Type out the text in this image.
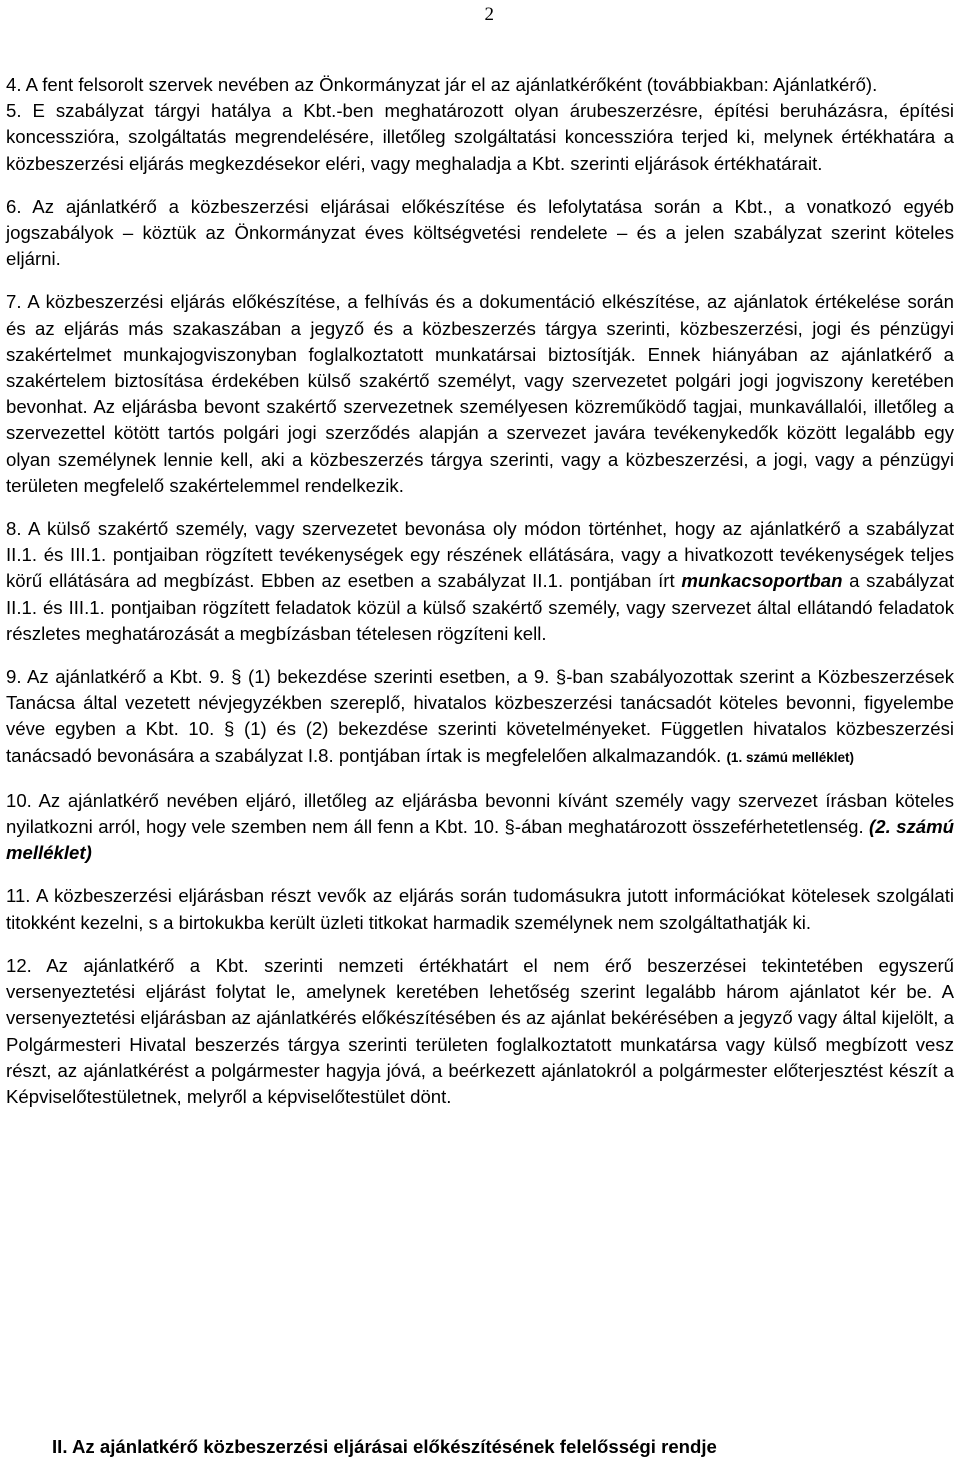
2

4. A fent felsorolt szervek nevében az Önkormányzat jár el az ajánlatkérőként (továbbiakban: Ajánlatkérő).

5. E szabályzat tárgyi hatálya a Kbt.-ben meghatározott olyan árubeszerzésre, építési beruházásra, építési koncesszióra, szolgáltatás megrendelésére, illetőleg szolgáltatási koncesszióra terjed ki, melynek értékhatára a közbeszerzési eljárás megkezdésekor eléri, vagy meghaladja a Kbt. szerinti eljárások értékhatárait.

6. Az ajánlatkérő a közbeszerzési eljárásai előkészítése és lefolytatása során a Kbt., a vonatkozó egyéb jogszabályok – köztük az Önkormányzat éves költségvetési rendelete – és a jelen szabályzat szerint köteles eljárni.

7. A közbeszerzési eljárás előkészítése, a felhívás és a dokumentáció elkészítése, az ajánlatok értékelése során és az eljárás más szakaszában a jegyző és a közbeszerzés tárgya szerinti, közbeszerzési, jogi és pénzügyi szakértelmet munkajogviszonyban foglalkoztatott munkatársai biztosítják. Ennek hiányában az ajánlatkérő a szakértelem biztosítása érdekében külső szakértő személyt, vagy szervezetet polgári jogi jogviszony keretében bevonhat. Az eljárásba bevont szakértő szervezetnek személyesen közreműködő tagjai, munkavállalói, illetőleg a szervezettel kötött tartós polgári jogi szerződés alapján a szervezet javára tevékenykedők között legalább egy olyan személynek lennie kell, aki a közbeszerzés tárgya szerinti, vagy a közbeszerzési, a jogi, vagy a pénzügyi területen megfelelő szakértelemmel rendelkezik.

8. A külső szakértő személy, vagy szervezetet bevonása oly módon történhet, hogy az ajánlatkérő a szabályzat II.1. és III.1. pontjaiban rögzített tevékenységek egy részének ellátására, vagy a hivatkozott tevékenységek teljes körű ellátására ad megbízást. Ebben az esetben a szabályzat II.1. pontjában írt munkacsoportban a szabályzat II.1. és III.1. pontjaiban rögzített feladatok közül a külső szakértő személy, vagy szervezet által ellátandó feladatok részletes meghatározását a megbízásban tételesen rögzíteni kell.

9. Az ajánlatkérő a Kbt. 9. § (1) bekezdése szerinti esetben, a 9. §-ban szabályozottak szerint a Közbeszerzések Tanácsa által vezetett névjegyzékben szereplő, hivatalos közbeszerzési tanácsadót köteles bevonni, figyelembe véve egyben a Kbt. 10. § (1) és (2) bekezdése szerinti követelményeket. Független hivatalos közbeszerzési tanácsadó bevonására a szabályzat I.8. pontjában írtak is megfelelően alkalmazandók. (1. számú melléklet)

10. Az ajánlatkérő nevében eljáró, illetőleg az eljárásba bevonni kívánt személy vagy szervezet írásban köteles nyilatkozni arról, hogy vele szemben nem áll fenn a Kbt. 10. §-ában meghatározott összeférhetetlenség. (2. számú melléklet)

11. A közbeszerzési eljárásban részt vevők az eljárás során tudomásukra jutott információkat kötelesek szolgálati titokként kezelni, s a birtokukba került üzleti titkokat harmadik személynek nem szolgáltathatják ki.

12. Az ajánlatkérő a Kbt. szerinti nemzeti értékhatárt el nem érő beszerzései tekintetében egyszerű versenyeztetési eljárást folytat le, amelynek keretében lehetőség szerint legalább három ajánlatot kér be. A versenyeztetési eljárásban az ajánlatkérés előkészítésében és az ajánlat bekérésében a jegyző vagy által kijelölt, a Polgármesteri Hivatal beszerzés tárgya szerinti területen foglalkoztatott munkatársa vagy külső megbízott vesz részt, az ajánlatkérést a polgármester hagyja jóvá, a beérkezett ajánlatokról a polgármester előterjesztést készít a Képviselőtestületnek, melyről a képviselőtestület dönt.

II. Az ajánlatkérő közbeszerzési eljárásai előkészítésének felelősségi rendje
